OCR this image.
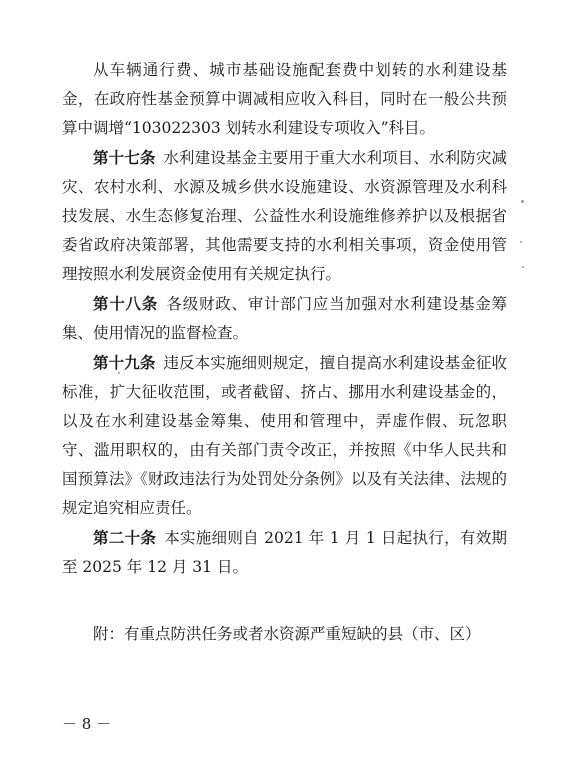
从车辆通行费、城市基础设施配套费中划转的水利建设基金，在政府性基金预算中调减相应收入科目，同时在一般公共预算中调增“103022303 划转水利建设专项收入”科目。

第十七条  水利建设基金主要用于重大水利项目、水利防灾减灾、农村水利、水源及城乡供水设施建设、水资源管理及水利科技发展、水生态修复治理、公益性水利设施维修养护以及根据省委省政府决策部署，其他需要支持的水利相关事项，资金使用管理按照水利发展资金使用有关规定执行。

第十八条  各级财政、审计部门应当加强对水利建设基金筹集、使用情况的监督检查。

第十九条  违反本实施细则规定，擅自提高水利建设基金征收标准，扩大征收范围，或者截留、挤占、挪用水利建设基金的，以及在水利建设基金筹集、使用和管理中，弄虚作假、玩忽职守、滥用职权的，由有关部门责令改正，并按照《中华人民共和国预算法》《财政违法行为处罚处分条例》以及有关法律、法规的规定追究相应责任。

第二十条  本实施细则自 2021 年 1 月 1 日起执行，有效期至 2025 年 12 月 31 日。

附：有重点防洪任务或者水资源严重短缺的县（市、区）
－ 8 －
